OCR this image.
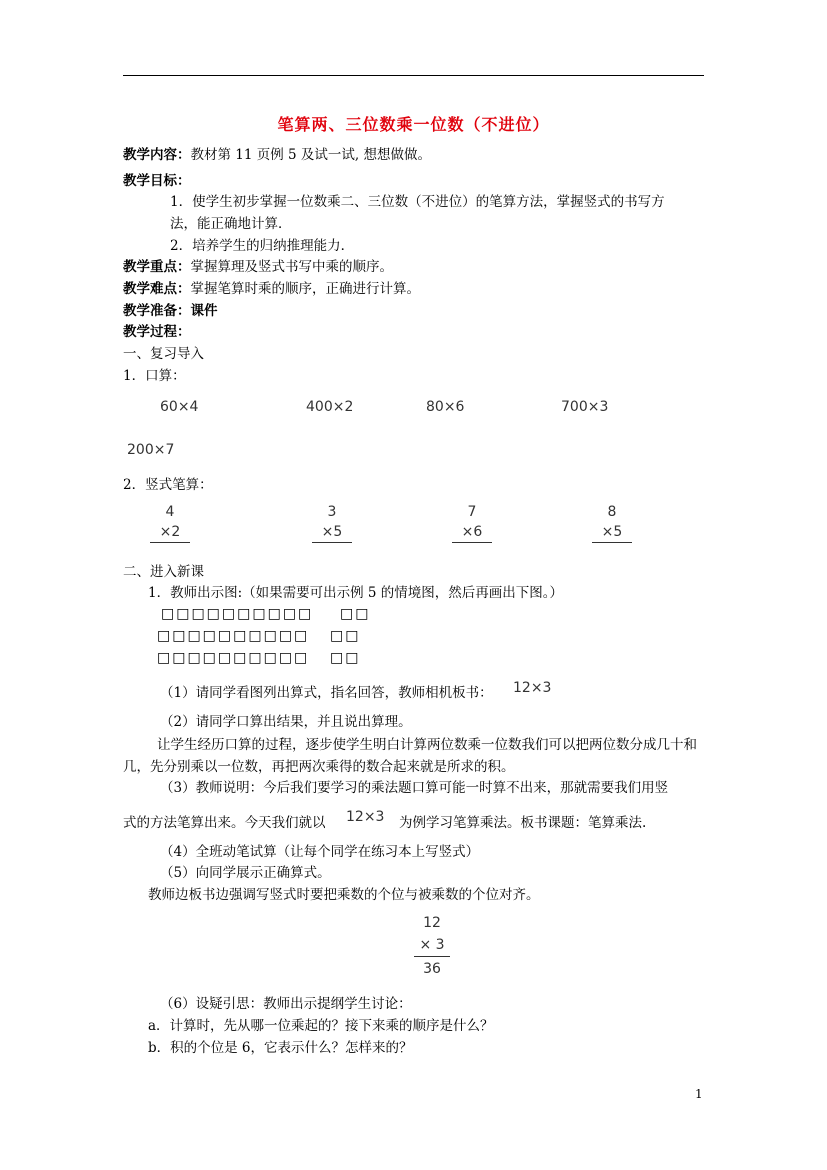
笔算两、三位数乘一位数（不进位）
教学内容：教材第 11 页例 5 及试一试, 想想做做。
教学目标：
1．使学生初步掌握一位数乘二、三位数（不进位）的笔算方法，掌握竖式的书写方
法，能正确地计算．
2．培养学生的归纳推理能力．
教学重点：掌握算理及竖式书写中乘的顺序。
教学难点：掌握笔算时乘的顺序，正确进行计算。
教学准备：课件
教学过程：
一、复习导入
1．口算：
60×4	400×2	80×6	700×3
200×7
2．竖式笔算：
4
×2
3
×5
7
×6
8
×5
二、进入新课
1．教师出示图:（如果需要可出示例 5 的情境图，然后再画出下图。）
□□□□□□□□□□ □□
□□□□□□□□□□ □□
□□□□□□□□□□ □□
（1）请同学看图列出算式，指名回答，教师相机板书： 12×3
（2）请同学口算出结果，并且说出算理。
让学生经历口算的过程，逐步使学生明白计算两位数乘一位数我们可以把两位数分成几十和几，先分别乘以一位数，再把两次乘得的数合起来就是所求的积。
（3）教师说明：今后我们要学习的乘法题口算可能一时算不出来，那就需要我们用竖
式的方法笔算出来。今天我们就以 12×3 为例学习笔算乘法。板书课题：笔算乘法.
（4）全班动笔试算（让每个同学在练习本上写竖式）
（5）向同学展示正确算式。
教师边板书边强调写竖式时要把乘数的个位与被乘数的个位对齐。
12
× 3
36
（6）设疑引思：教师出示提纲学生讨论：
a．计算时，先从哪一位乘起的？接下来乘的顺序是什么？
b．积的个位是 6，它表示什么？怎样来的？
1
